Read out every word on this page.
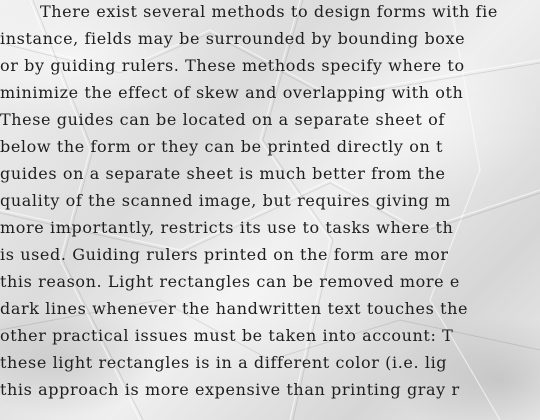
There exist several methods to design forms with fie
instance, fields may be surrounded by bounding boxe
or by guiding rulers. These methods specify where to
minimize the effect of skew and overlapping with oth
These guides can be located on a separate sheet of
below the form or they can be printed directly on t
guides on a separate sheet is much better from the
quality of the scanned image, but requires giving m
more importantly, restricts its use to tasks where th
is used. Guiding rulers printed on the form are mor
this reason. Light rectangles can be removed more e
dark lines whenever the handwritten text touches the
other practical issues must be taken into account: T
these light rectangles is in a different color (i.e. lig
this approach is more expensive than printing gray r
